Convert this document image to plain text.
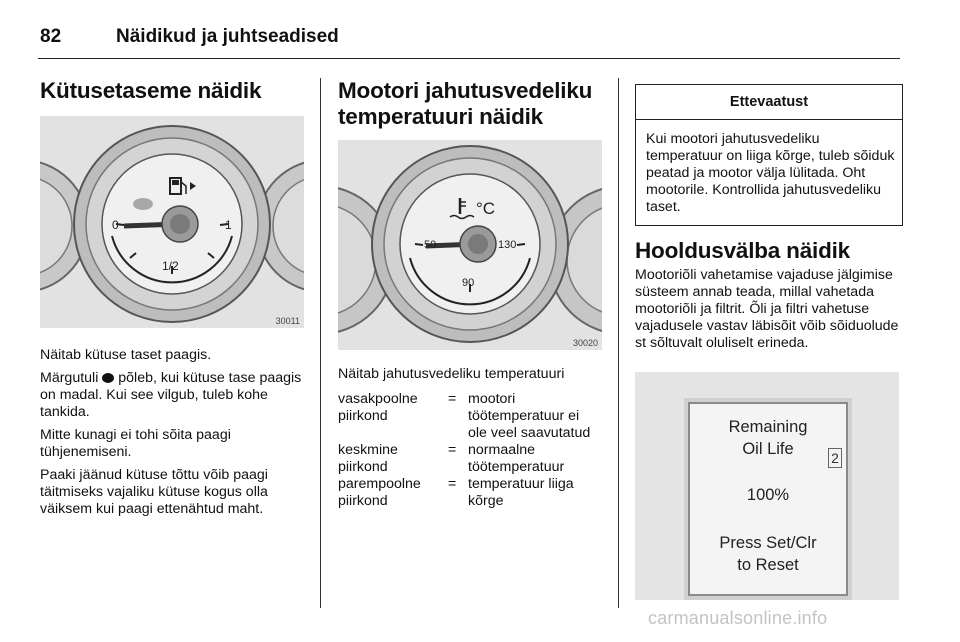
82	Näidikud ja juhtseadised
Kütusetaseme näidik
0
1/2
1
30011

Näitab kütuse taset paagis.

Märgutuli põleb, kui kütuse tase paagis on madal. Kui see vilgub, tuleb kohe tankida.

Mitte kunagi ei tohi sõita paagi tühjenemiseni.

Paaki jäänud kütuse tõttu võib paagi täitmiseks vajaliku kütuse kogus olla väiksem kui paagi ettenähtud maht.

Mootori jahutusvedeliku
temperatuuri näidik
°C
50
90
130
30020

Näitab jahutusvedeliku temperatuuri

vasakpoolne piirkond	=	mootori töötemperatuur ei ole veel saavutatud
keskmine piirkond	=	normaalne töötemperatuur
parempoolne piirkond	=	temperatuur liiga kõrge
Ettevaatust
Kui mootori jahutusvedeliku temperatuur on liiga kõrge, tuleb sõiduk peatad ja mootor välja lülitada. Oht mootorile. Kontrollida jahutusvedeliku taset.
Hooldusvälba näidik

Mootoriõli vahetamise vajaduse jälgimise süsteem annab teada, millal vahetada mootoriõli ja filtrit. Õli ja filtri vahetuse vajadusele vastav läbisõit võib sõiduolude st sõltuvalt oluliselt erineda.

Remaining
Oil Life	2
100%
Press Set/Clr
to Reset
carmanualsonline.info
